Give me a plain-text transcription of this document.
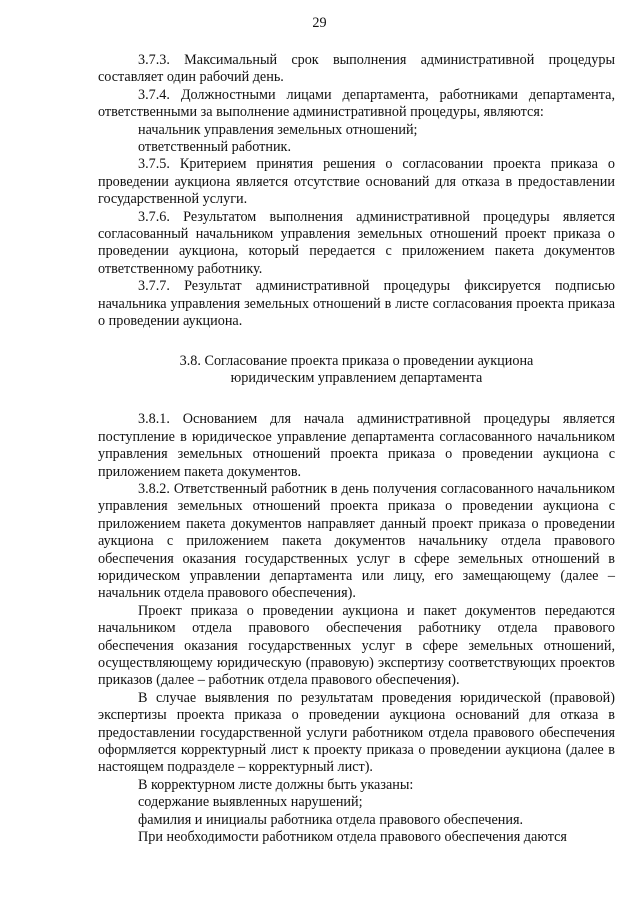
29

3.7.3. Максимальный срок выполнения административной процедуры составляет один рабочий день.

3.7.4. Должностными лицами департамента, работниками департамента, ответственными за выполнение административной процедуры, являются:

начальник управления земельных отношений;

ответственный работник.

3.7.5. Критерием принятия решения о согласовании проекта приказа о проведении аукциона является отсутствие оснований для отказа в предоставлении государственной услуги.

3.7.6. Результатом выполнения административной процедуры является согласованный начальником управления земельных отношений проект приказа о проведении аукциона, который передается с приложением пакета документов ответственному работнику.

3.7.7. Результат административной процедуры фиксируется подписью начальника управления земельных отношений в листе согласования проекта приказа о проведении аукциона.

3.8. Согласование проекта приказа о проведении аукциона
юридическим управлением департамента

3.8.1. Основанием для начала административной процедуры является поступление в юридическое управление департамента согласованного начальником управления земельных отношений проекта приказа о проведении аукциона с приложением пакета документов.

3.8.2. Ответственный работник в день получения согласованного начальником управления земельных отношений проекта приказа о проведении аукциона с приложением пакета документов направляет данный проект приказа о проведении аукциона с приложением пакета документов начальнику отдела правового обеспечения оказания государственных услуг в сфере земельных отношений в юридическом управлении департамента или лицу, его замещающему (далее – начальник отдела правового обеспечения).

Проект приказа о проведении аукциона и пакет документов передаются начальником отдела правового обеспечения работнику отдела правового обеспечения оказания государственных услуг в сфере земельных отношений, осуществляющему юридическую (правовую) экспертизу соответствующих проектов приказов (далее – работник отдела правового обеспечения).

В случае выявления по результатам проведения юридической (правовой) экспертизы проекта приказа о проведении аукциона оснований для отказа в предоставлении государственной услуги работником отдела правового обеспечения оформляется корректурный лист к проекту приказа о проведении аукциона (далее в настоящем подразделе – корректурный лист).

В корректурном листе должны быть указаны:

содержание выявленных нарушений;

фамилия и инициалы работника отдела правового обеспечения.

При необходимости работником отдела правового обеспечения даются
